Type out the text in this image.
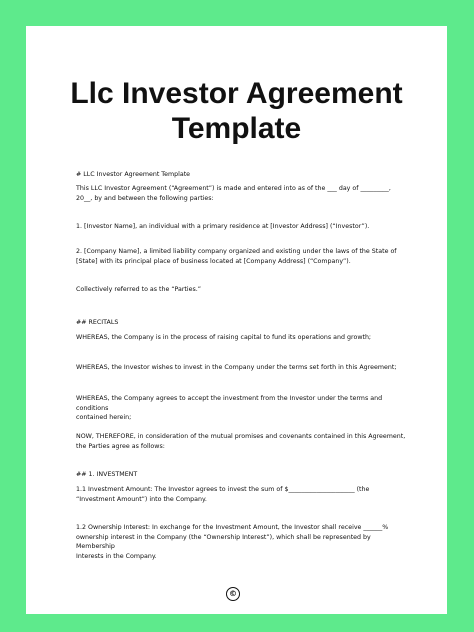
Llc Investor Agreement Template

# LLC Investor Agreement Template

This LLC Investor Agreement (“Agreement”) is made and entered into as of the ___ day of _________,
20__, by and between the following parties:

1. [Investor Name], an individual with a primary residence at [Investor Address] (“Investor”).

2. [Company Name], a limited liability company organized and existing under the laws of the State of
[State] with its principal place of business located at [Company Address] (“Company”).

Collectively referred to as the “Parties.”

## RECITALS

WHEREAS, the Company is in the process of raising capital to fund its operations and growth;

WHEREAS, the Investor wishes to invest in the Company under the terms set forth in this Agreement;

WHEREAS, the Company agrees to accept the investment from the Investor under the terms and conditions
contained herein;

NOW, THEREFORE, in consideration of the mutual promises and covenants contained in this Agreement,
the Parties agree as follows:

## 1. INVESTMENT

1.1 Investment Amount: The Investor agrees to invest the sum of $_____________________ (the
“Investment Amount”) into the Company.

1.2 Ownership Interest: In exchange for the Investment Amount, the Investor shall receive ______%
ownership interest in the Company (the “Ownership Interest”), which shall be represented by Membership
Interests in the Company.

©
